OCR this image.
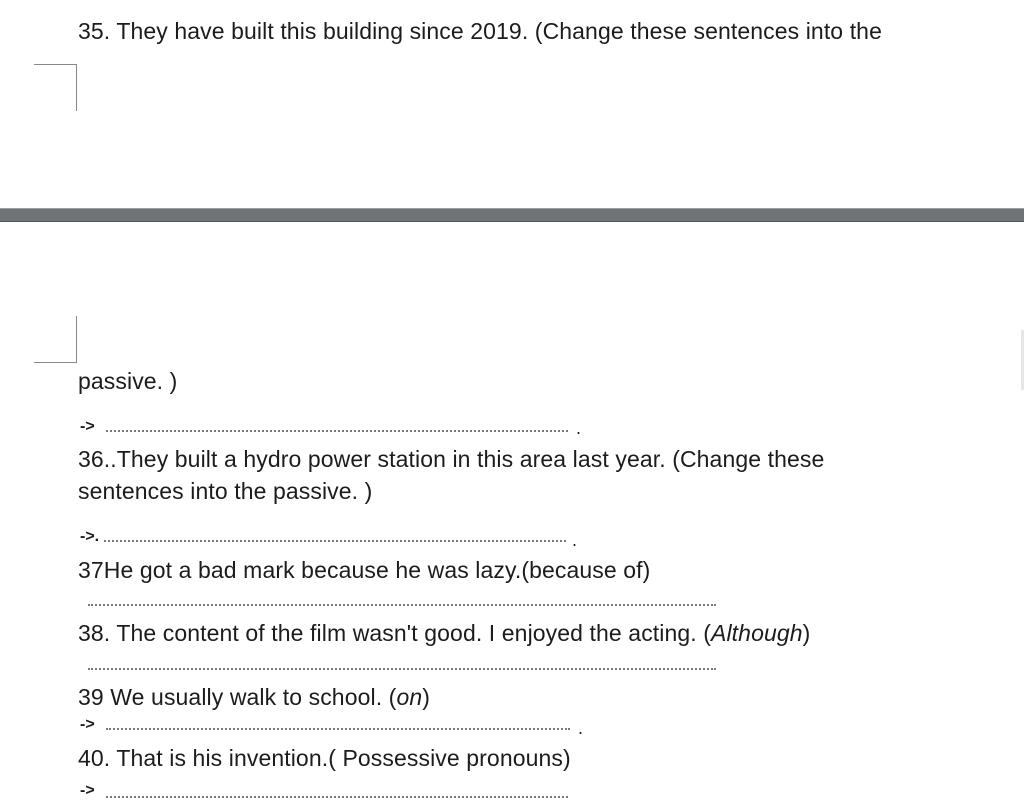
35. They have built this building since 2019. (Change these sentences into the
passive. )
->	.
36..They built a hydro power station in this area last year. (Change these
sentences into the passive. )
->.	.
37He got a bad mark because he was lazy.(because of)
38. The content of the film wasn't good. I enjoyed the acting. (Although)
39 We usually walk to school. (on)
->	.
40. That is his invention.( Possessive pronouns)
->
